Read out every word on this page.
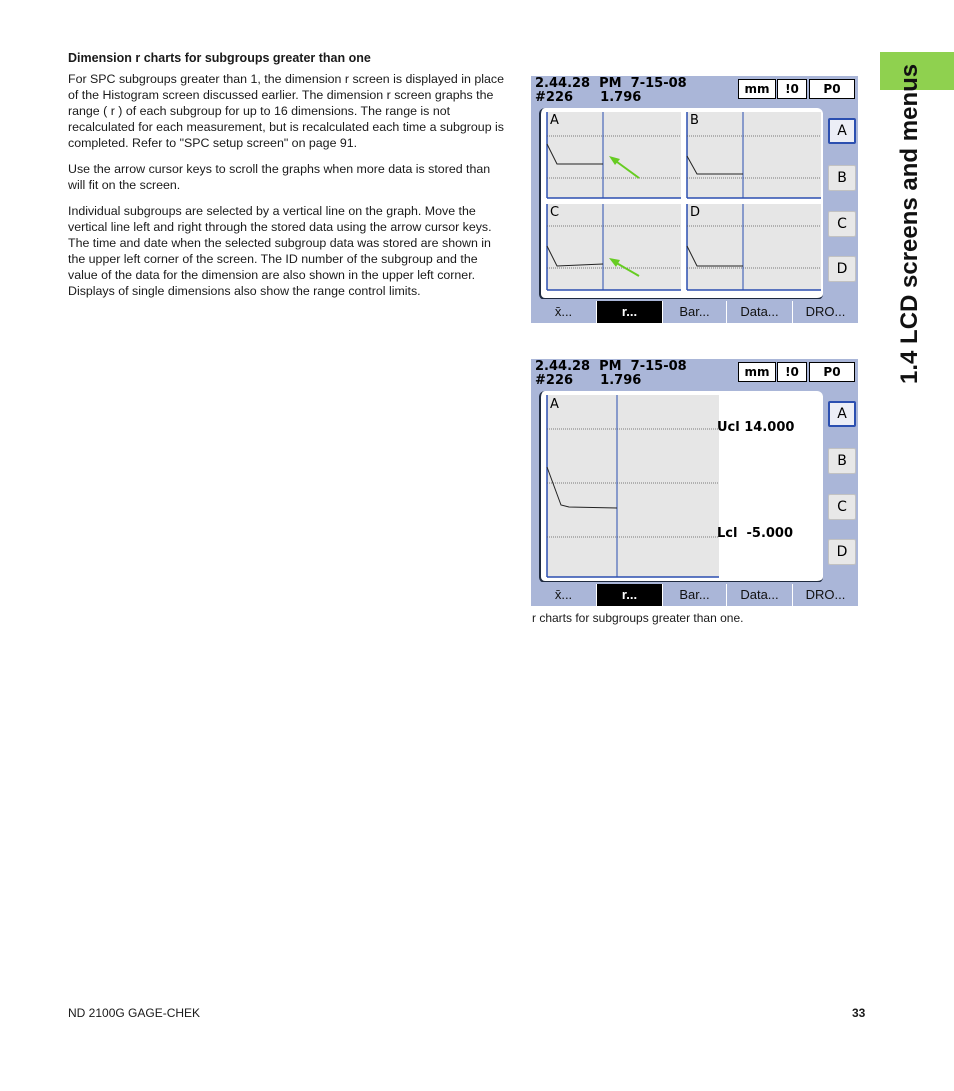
Dimension r charts for subgroups greater than one

For SPC subgroups greater than 1, the dimension r screen is displayed in place of the Histogram screen discussed earlier. The dimension r screen graphs the range ( r ) of each subgroup for up to 16 dimensions. The range is not recalculated for each measurement, but is recalculated each time a subgroup is completed. Refer to "SPC setup screen" on page 91.

Use the arrow cursor keys to scroll the graphs when more data is stored than will fit on the screen.

Individual subgroups are selected by a vertical line on the graph. Move the vertical line left and right through the stored data using the arrow cursor keys. The time and date when the selected subgroup data was stored are shown in the upper left corner of the screen. The ID number of the subgroup and the value of the data for the dimension are also shown in the upper left corner. Displays of single dimensions also show the range control limits.	1.4 LCD screens and menus
2.44.28  PM  7-15-08
#226      1.796
mm	!0	P0
A	B
C	D
A
B
C
D
x̄...	r...	Bar...	Data...	DRO...
2.44.28  PM  7-15-08
#226      1.796
mm	!0	P0
A
Ucl 14.000
Lcl  -5.000
A
B
C
D
x̄...	r...	Bar...	Data...	DRO...
r charts for subgroups greater than one.
ND 2100G GAGE-CHEK	33
